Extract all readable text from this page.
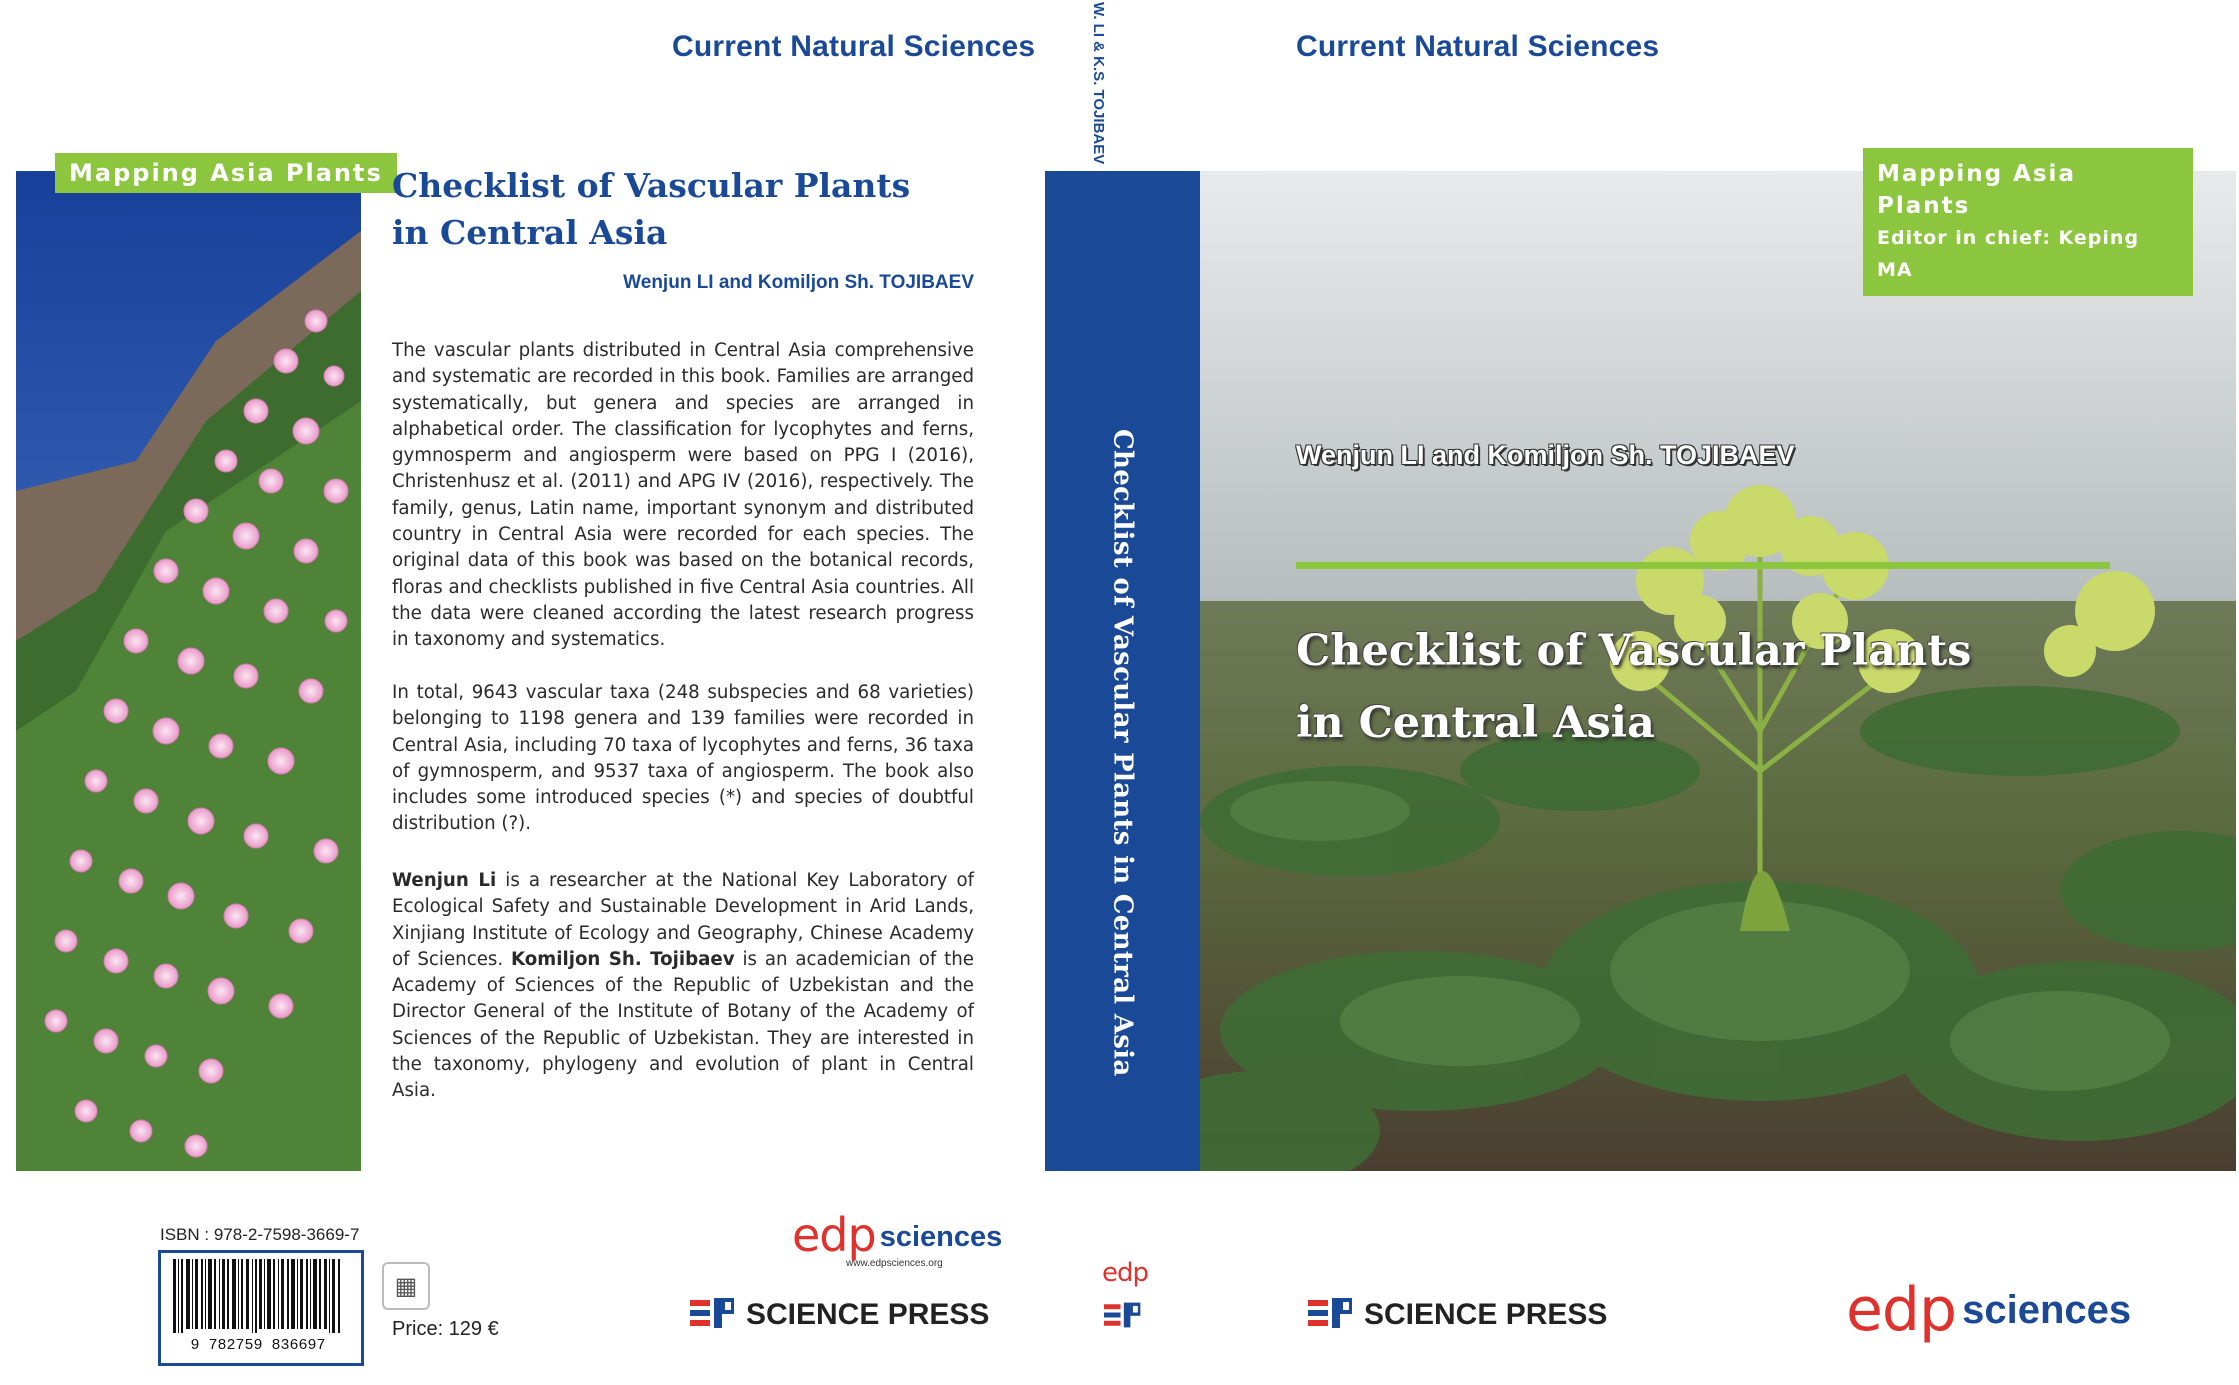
Current Natural Sciences
Mapping Asia Plants Checklist of Vascular Plants
in Central Asia
Wenjun LI and Komiljon Sh. TOJIBAEV

The vascular plants distributed in Central Asia comprehensive and systematic are recorded in this book. Families are arranged systematically, but genera and species are arranged in alphabetical order. The classification for lycophytes and ferns, gymnosperm and angiosperm were based on PPG I (2016), Christenhusz et al. (2011) and APG IV (2016), respectively. The family, genus, Latin name, important synonym and distributed country in Central Asia were recorded for each species. The original data of this book was based on the botanical records, floras and checklists published in five Central Asia countries. All the data were cleaned according the latest research progress in taxonomy and systematics.

In total, 9643 vascular taxa (248 subspecies and 68 varieties) belonging to 1198 genera and 139 families were recorded in Central Asia, including 70 taxa of lycophytes and ferns, 36 taxa of gymnosperm, and 9537 taxa of angiosperm. The book also includes some introduced species (*) and species of doubtful distribution (?).

Wenjun Li is a researcher at the National Key Laboratory of Ecological Safety and Sustainable Development in Arid Lands, Xinjiang Institute of Ecology and Geography, Chinese Academy of Sciences. Komiljon Sh. Tojibaev is an academician of the Academy of Sciences of the Republic of Uzbekistan and the Director General of the Institute of Botany of the Academy of Sciences of the Republic of Uzbekistan. They are interested in the taxonomy, phylogeny and evolution of plant in Central Asia.

ISBN : 978-2-7598-3669-7
9 782759 836697
▦
Price: 129 €
edp sciences
www.edpsciences.org
SCIENCE PRESS
W. LI & K.S. TOJIBAEV
Checklist of Vascular Plants in Central Asia
edp
Current Natural Sciences
Mapping Asia Plants
Editor in chief: Keping MA
Wenjun LI and Komiljon Sh. TOJIBAEV
Checklist of Vascular Plants
in Central Asia
SCIENCE PRESS	edp sciences
